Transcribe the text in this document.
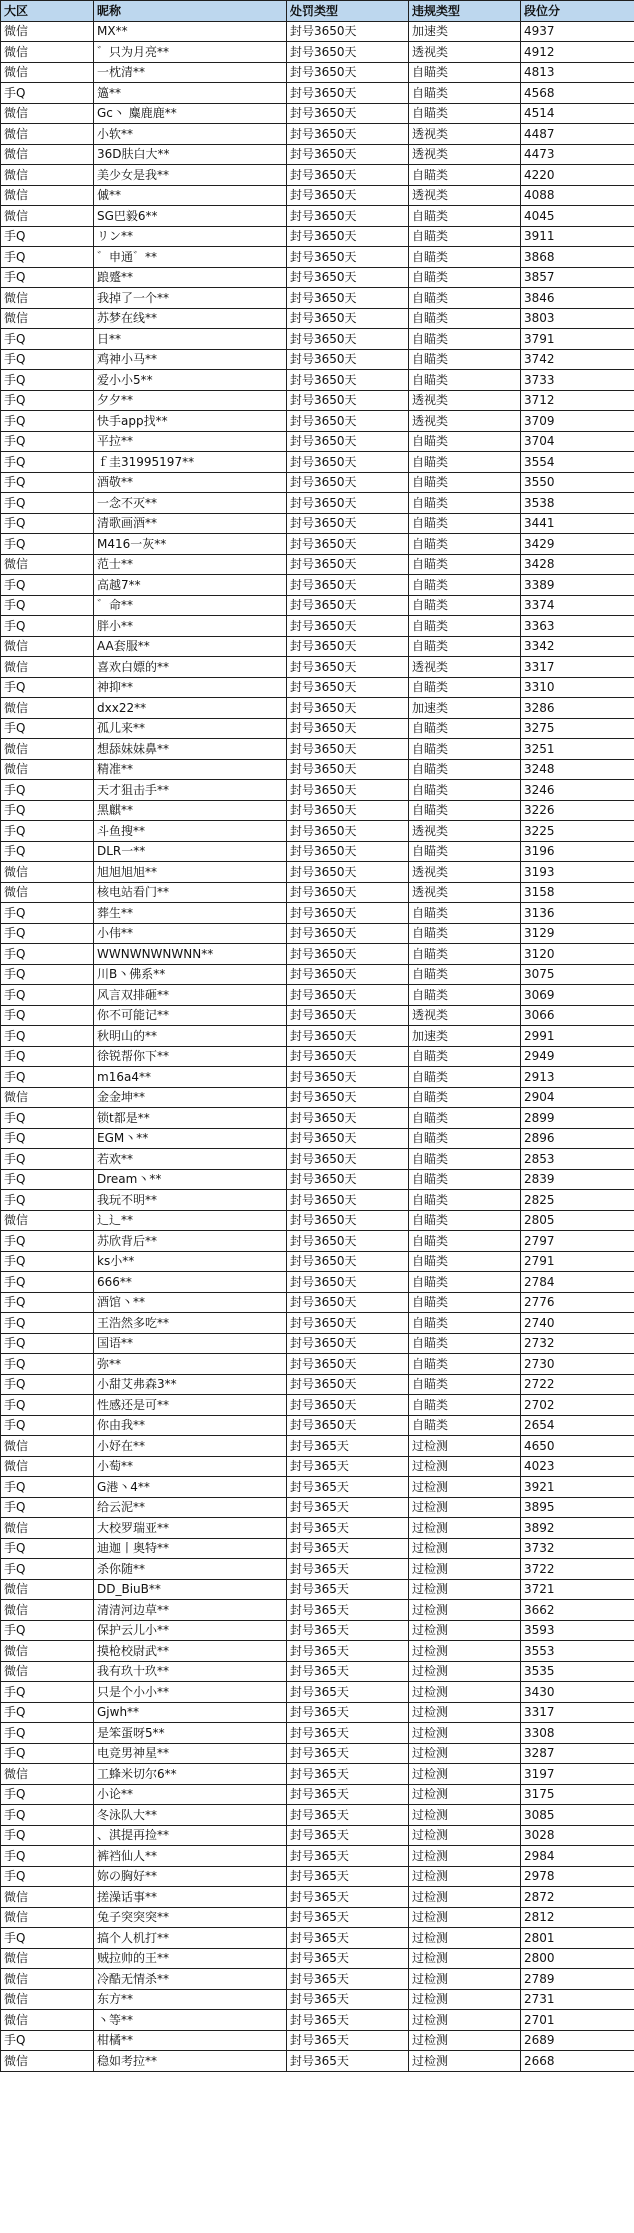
大区	昵称	处罚类型	违规类型	段位分
微信	MX**	封号3650天	加速类	4937
微信	゛只为月亮**	封号3650天	透视类	4912
微信	一枕清**	封号3650天	自瞄类	4813
手Q	簻**	封号3650天	自瞄类	4568
微信	Gc丶 麋鹿鹿**	封号3650天	自瞄类	4514
微信	小软**	封号3650天	透视类	4487
微信	36D肤白大**	封号3650天	透视类	4473
微信	美少女是我**	封号3650天	自瞄类	4220
微信	傶**	封号3650天	透视类	4088
微信	SG巴毅6**	封号3650天	自瞄类	4045
手Q	リン**	封号3650天	自瞄类	3911
手Q	゛申通゛**	封号3650天	自瞄类	3868
手Q	踉蹙**	封号3650天	自瞄类	3857
微信	我掉了一个**	封号3650天	自瞄类	3846
微信	苏梦在线**	封号3650天	自瞄类	3803
手Q	日**	封号3650天	自瞄类	3791
手Q	鸡神小马**	封号3650天	自瞄类	3742
手Q	爱小小5**	封号3650天	自瞄类	3733
手Q	夕夕**	封号3650天	透视类	3712
手Q	快手app找**	封号3650天	透视类	3709
手Q	平拉**	封号3650天	自瞄类	3704
手Q	ｆ圭31995197**	封号3650天	自瞄类	3554
手Q	酒敬**	封号3650天	自瞄类	3550
手Q	一念不灭**	封号3650天	自瞄类	3538
手Q	清歌画酒**	封号3650天	自瞄类	3441
手Q	M416一灰**	封号3650天	自瞄类	3429
微信	范士**	封号3650天	自瞄类	3428
手Q	高越7**	封号3650天	自瞄类	3389
手Q	゛命**	封号3650天	自瞄类	3374
手Q	胖小**	封号3650天	自瞄类	3363
微信	AA套服**	封号3650天	自瞄类	3342
微信	喜欢白嫖的**	封号3650天	透视类	3317
手Q	神抑**	封号3650天	自瞄类	3310
微信	dxx22**	封号3650天	加速类	3286
手Q	孤儿来**	封号3650天	自瞄类	3275
微信	想舔妹妹鼻**	封号3650天	自瞄类	3251
微信	精准**	封号3650天	自瞄类	3248
手Q	天才狙击手**	封号3650天	自瞄类	3246
手Q	黑麒**	封号3650天	自瞄类	3226
手Q	斗鱼搜**	封号3650天	透视类	3225
手Q	DLR一**	封号3650天	自瞄类	3196
微信	旭旭旭旭**	封号3650天	透视类	3193
微信	核电站看门**	封号3650天	透视类	3158
手Q	葬生**	封号3650天	自瞄类	3136
手Q	小伟**	封号3650天	自瞄类	3129
手Q	WWNWNWNWNN**	封号3650天	自瞄类	3120
手Q	川B丶佛系**	封号3650天	自瞄类	3075
手Q	风言双排砸**	封号3650天	自瞄类	3069
手Q	你不可能记**	封号3650天	透视类	3066
手Q	秋明山的**	封号3650天	加速类	2991
手Q	徐锐帮你下**	封号3650天	自瞄类	2949
手Q	m16a4**	封号3650天	自瞄类	2913
微信	金金坤**	封号3650天	自瞄类	2904
手Q	锁t都是**	封号3650天	自瞄类	2899
手Q	EGM丶**	封号3650天	自瞄类	2896
手Q	若欢**	封号3650天	自瞄类	2853
手Q	Dream丶**	封号3650天	自瞄类	2839
手Q	我玩不明**	封号3650天	自瞄类	2825
微信	辶辶**	封号3650天	自瞄类	2805
手Q	苏欣背后**	封号3650天	自瞄类	2797
手Q	ks小**	封号3650天	自瞄类	2791
手Q	666**	封号3650天	自瞄类	2784
手Q	酒馆丶**	封号3650天	自瞄类	2776
手Q	王浩然多吃**	封号3650天	自瞄类	2740
手Q	国语**	封号3650天	自瞄类	2732
手Q	弥**	封号3650天	自瞄类	2730
手Q	小甜艾弗森3**	封号3650天	自瞄类	2722
手Q	性感还是可**	封号3650天	自瞄类	2702
手Q	你由我**	封号3650天	自瞄类	2654
微信	小妤在**	封号365天	过检测	4650
微信	小萄**	封号365天	过检测	4023
手Q	G港丶4**	封号365天	过检测	3921
手Q	给云泥**	封号365天	过检测	3895
微信	大校罗瑞亚**	封号365天	过检测	3892
手Q	迪迦丨奥特**	封号365天	过检测	3732
手Q	杀你随**	封号365天	过检测	3722
微信	DD_BiuB**	封号365天	过检测	3721
微信	清清河边草**	封号365天	过检测	3662
手Q	保护云儿小**	封号365天	过检测	3593
微信	摸枪校尉武**	封号365天	过检测	3553
微信	我有玖十玖**	封号365天	过检测	3535
手Q	只是个小小**	封号365天	过检测	3430
手Q	Gjwh**	封号365天	过检测	3317
手Q	是笨蛋呀5**	封号365天	过检测	3308
手Q	电竞男神星**	封号365天	过检测	3287
微信	工蜂米切尔6**	封号365天	过检测	3197
手Q	小论**	封号365天	过检测	3175
手Q	冬泳队大**	封号365天	过检测	3085
手Q	、淇提再捡**	封号365天	过检测	3028
手Q	裤裆仙人**	封号365天	过检测	2984
手Q	妳の胸好**	封号365天	过检测	2978
微信	搓澡话事**	封号365天	过检测	2872
微信	兔子突突突**	封号365天	过检测	2812
手Q	搞个人机打**	封号365天	过检测	2801
微信	贼拉帅的王**	封号365天	过检测	2800
微信	冷酷无情杀**	封号365天	过检测	2789
微信	东方**	封号365天	过检测	2731
微信	丶等**	封号365天	过检测	2701
手Q	柑橘**	封号365天	过检测	2689
微信	稳如考拉**	封号365天	过检测	2668
